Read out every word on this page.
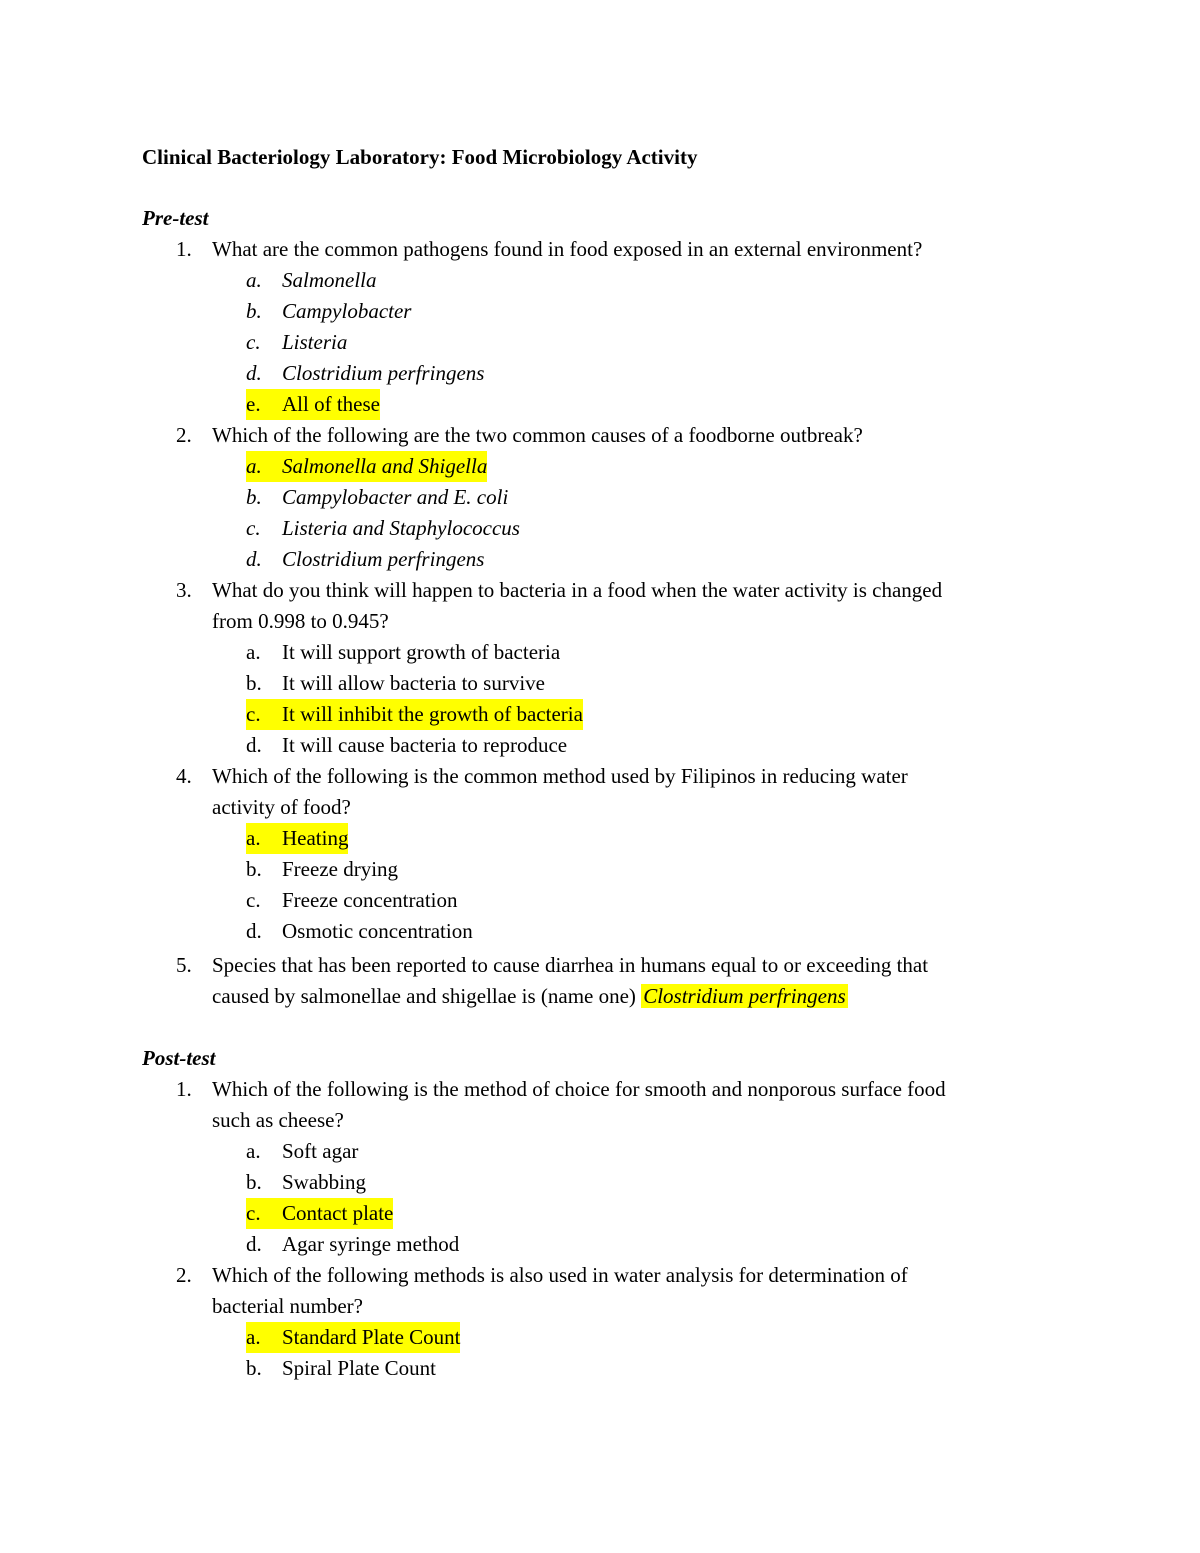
Clinical Bacteriology Laboratory: Food Microbiology Activity
Pre-test
1. What are the common pathogens found in food exposed in an external environment?
a. Salmonella
b. Campylobacter
c.	Listeria
d. Clostridium perfringens
e.	All of these
2. Which of the following are the two common causes of a foodborne outbreak?
a. Salmonella and Shigella
b. Campylobacter and E. coli
c.	Listeria and Staphylococcus
d. Clostridium perfringens
3. What do you think will happen to bacteria in a food when the water activity is changed
from 0.998 to 0.945?
a.	It will support growth of bacteria
b. It will allow bacteria to survive
c.	It will inhibit the growth of bacteria
d. It will cause bacteria to reproduce
4. Which of the following is the common method used by Filipinos in reducing water
activity of food?
a.	Heating
b. Freeze drying
c.	Freeze concentration
d. Osmotic concentration
5. Species that has been reported to cause diarrhea in humans equal to or exceeding that
caused by salmonellae and shigellae is (name one) Clostridium perfringens
Post-test
1. Which of the following is the method of choice for smooth and nonporous surface food
such as cheese?
a.	Soft agar
b. Swabbing
c.	Contact plate
d. Agar syringe method
2. Which of the following methods is also used in water analysis for determination of
bacterial number?
a.	Standard Plate Count
b. Spiral Plate Count
